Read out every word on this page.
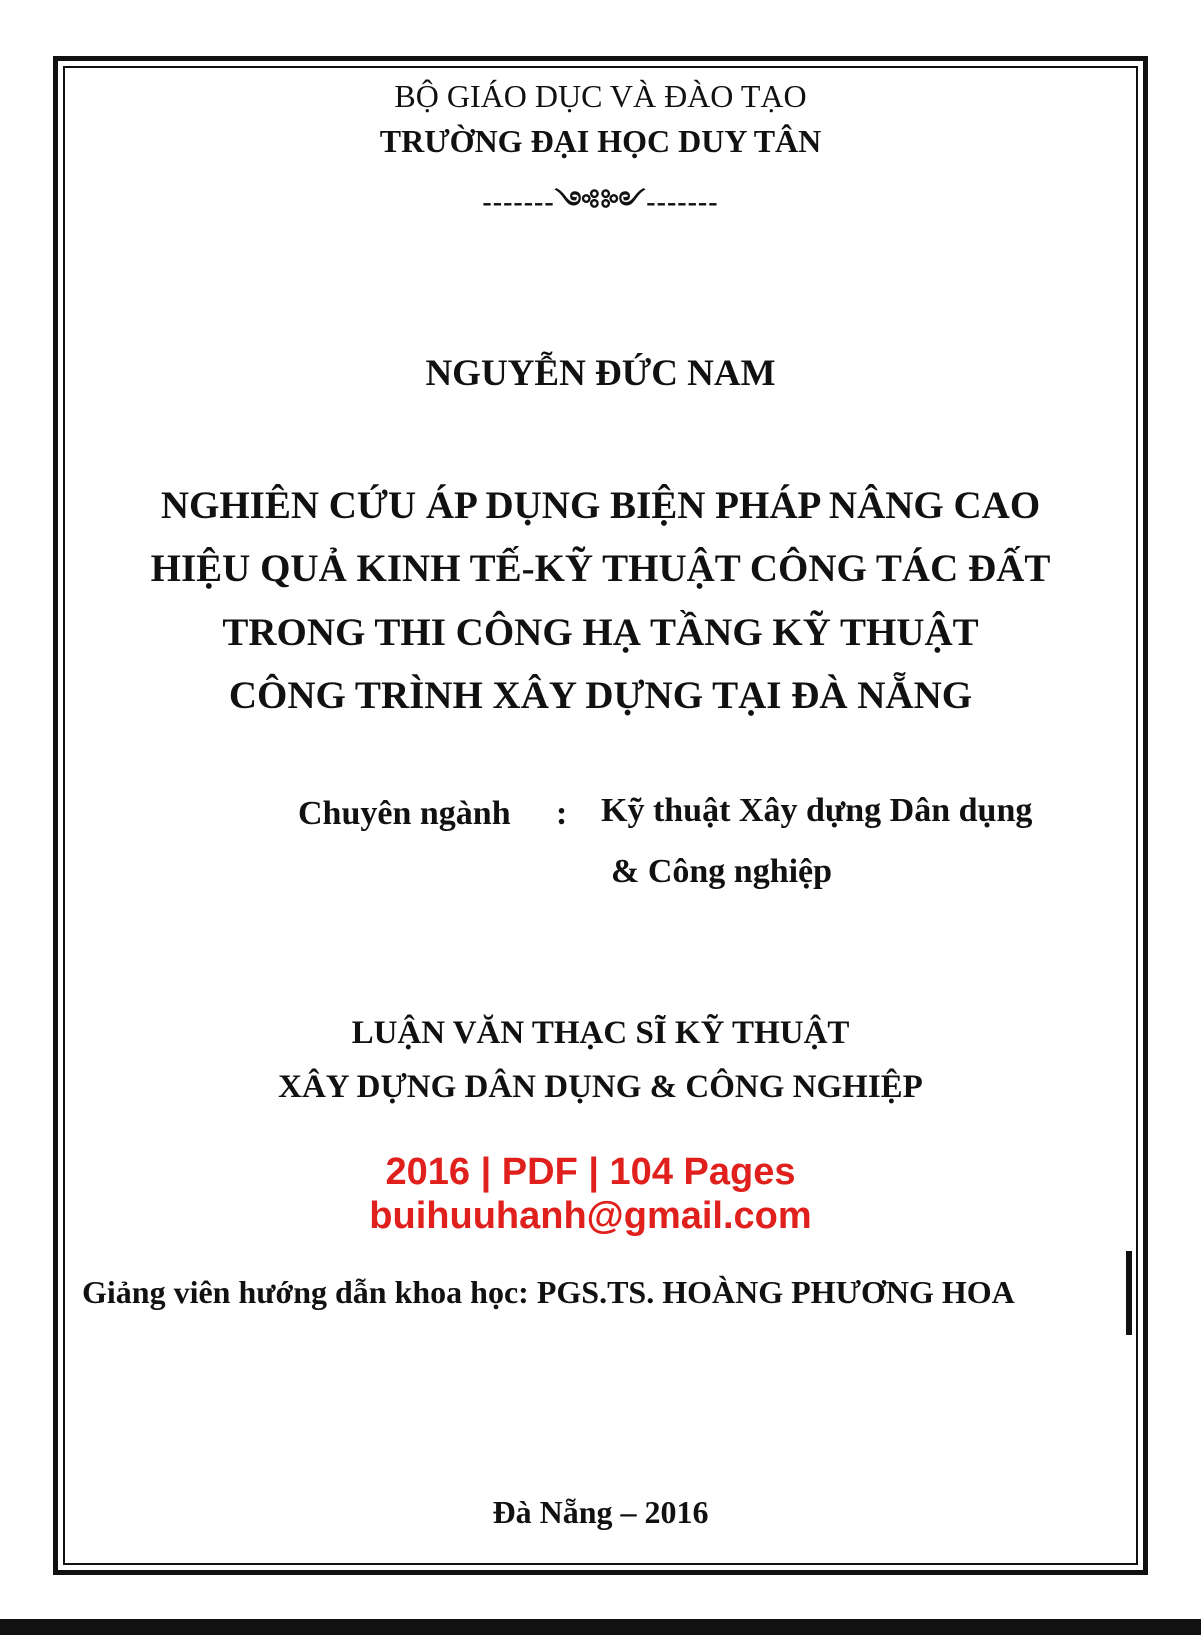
BỘ GIÁO DỤC VÀ ĐÀO TẠO
TRƯỜNG ĐẠI HỌC DUY TÂN
-------༺༻-------
NGUYỄN ĐỨC NAM
NGHIÊN CỨU ÁP DỤNG BIỆN PHÁP NÂNG CAO
HIỆU QUẢ KINH TẾ-KỸ THUẬT CÔNG TÁC ĐẤT
TRONG THI CÔNG HẠ TẦNG KỸ THUẬT
CÔNG TRÌNH XÂY DỰNG TẠI ĐÀ NẴNG
Chuyên ngành : Kỹ thuật Xây dựng Dân dụng
& Công nghiệp
LUẬN VĂN THẠC SĨ KỸ THUẬT
XÂY DỰNG DÂN DỤNG & CÔNG NGHIỆP
2016 | PDF | 104 Pages
buihuuhanh@gmail.com
Giảng viên hướng dẫn khoa học: PGS.TS. HOÀNG PHƯƠNG HOA
Đà Nẵng – 2016
